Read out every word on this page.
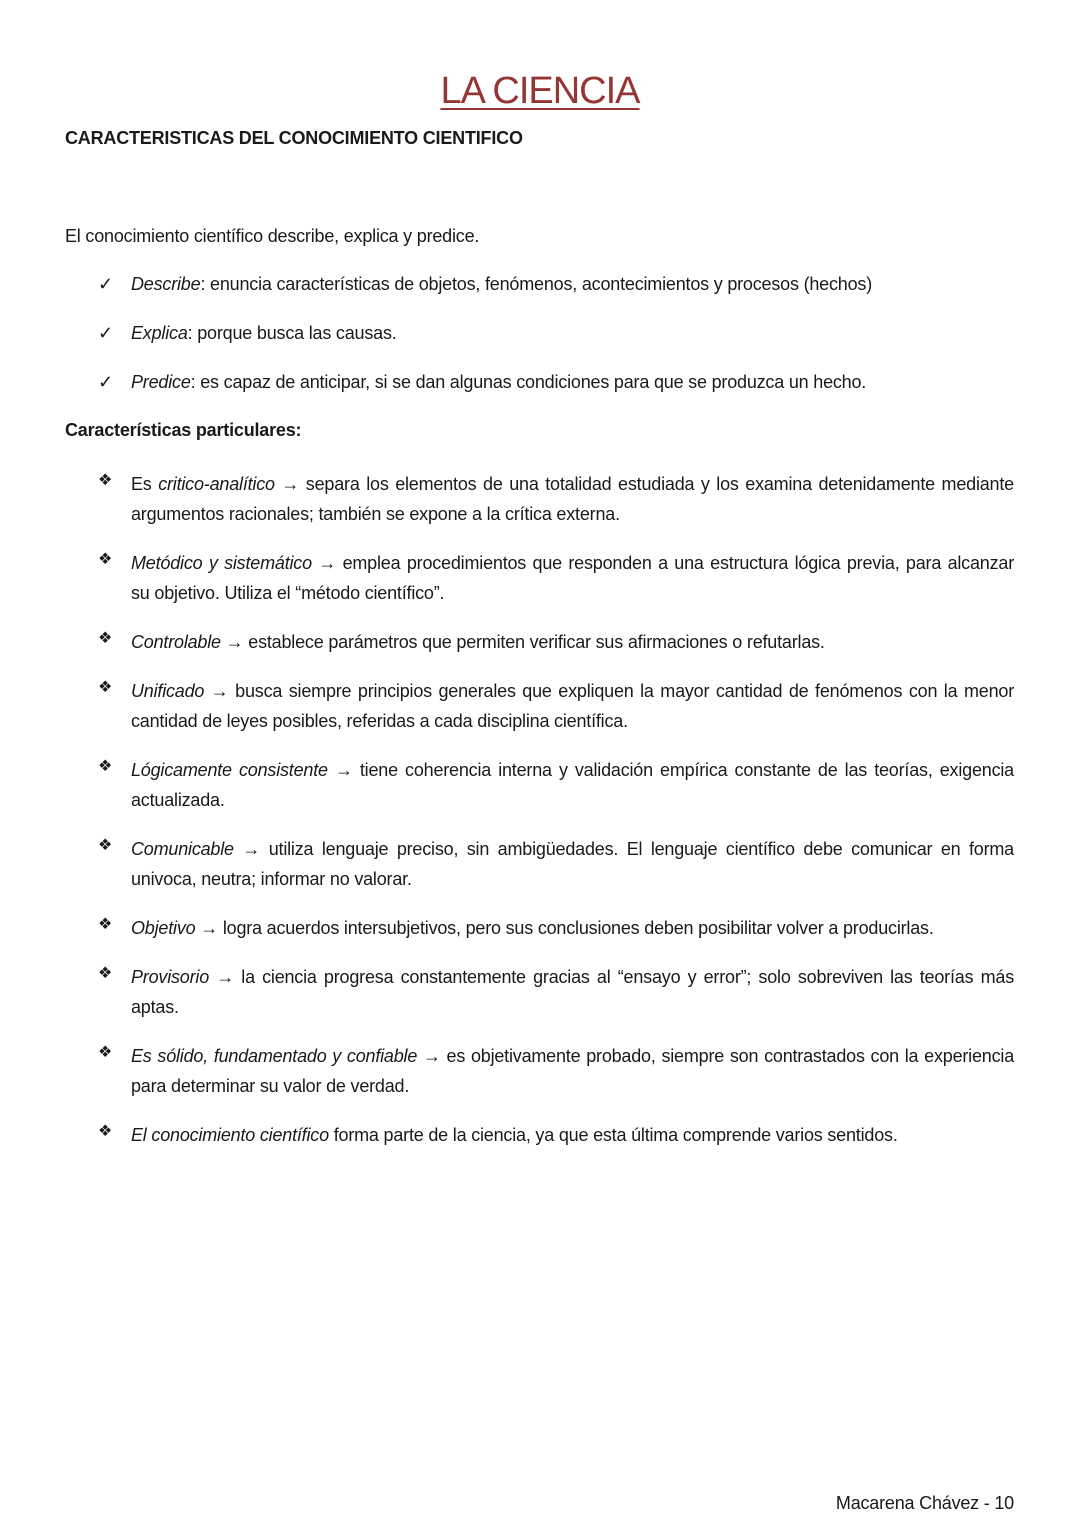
LA CIENCIA
CARACTERISTICAS DEL CONOCIMIENTO CIENTIFICO
El conocimiento científico describe, explica y predice.
✓	Describe: enuncia características de objetos, fenómenos, acontecimientos y procesos (hechos)
✓	Explica: porque busca las causas.
✓	Predice: es capaz de anticipar, si se dan algunas condiciones para que se produzca un hecho.
Características particulares:
❖	Es critico-analítico → separa los elementos de una totalidad estudiada y los examina detenidamente mediante argumentos racionales; también se expone a la crítica externa.
❖	Metódico y sistemático → emplea procedimientos que responden a una estructura lógica previa, para alcanzar su objetivo. Utiliza el “método científico”.
❖	Controlable → establece parámetros que permiten verificar sus afirmaciones o refutarlas.
❖	Unificado → busca siempre principios generales que expliquen la mayor cantidad de fenómenos con la menor cantidad de leyes posibles, referidas a cada disciplina científica.
❖	Lógicamente consistente → tiene coherencia interna y validación empírica constante de las teorías, exigencia actualizada.
❖	Comunicable → utiliza lenguaje preciso, sin ambigüedades. El lenguaje científico debe comunicar en forma univoca, neutra; informar no valorar.
❖	Objetivo → logra acuerdos intersubjetivos, pero sus conclusiones deben posibilitar volver a producirlas.
❖	Provisorio → la ciencia progresa constantemente gracias al “ensayo y error”; solo sobreviven las teorías más aptas.
❖	Es sólido, fundamentado y confiable → es objetivamente probado, siempre son contrastados con la experiencia para determinar su valor de verdad.
❖	El conocimiento científico forma parte de la ciencia, ya que esta última comprende varios sentidos.
Macarena Chávez - 10
